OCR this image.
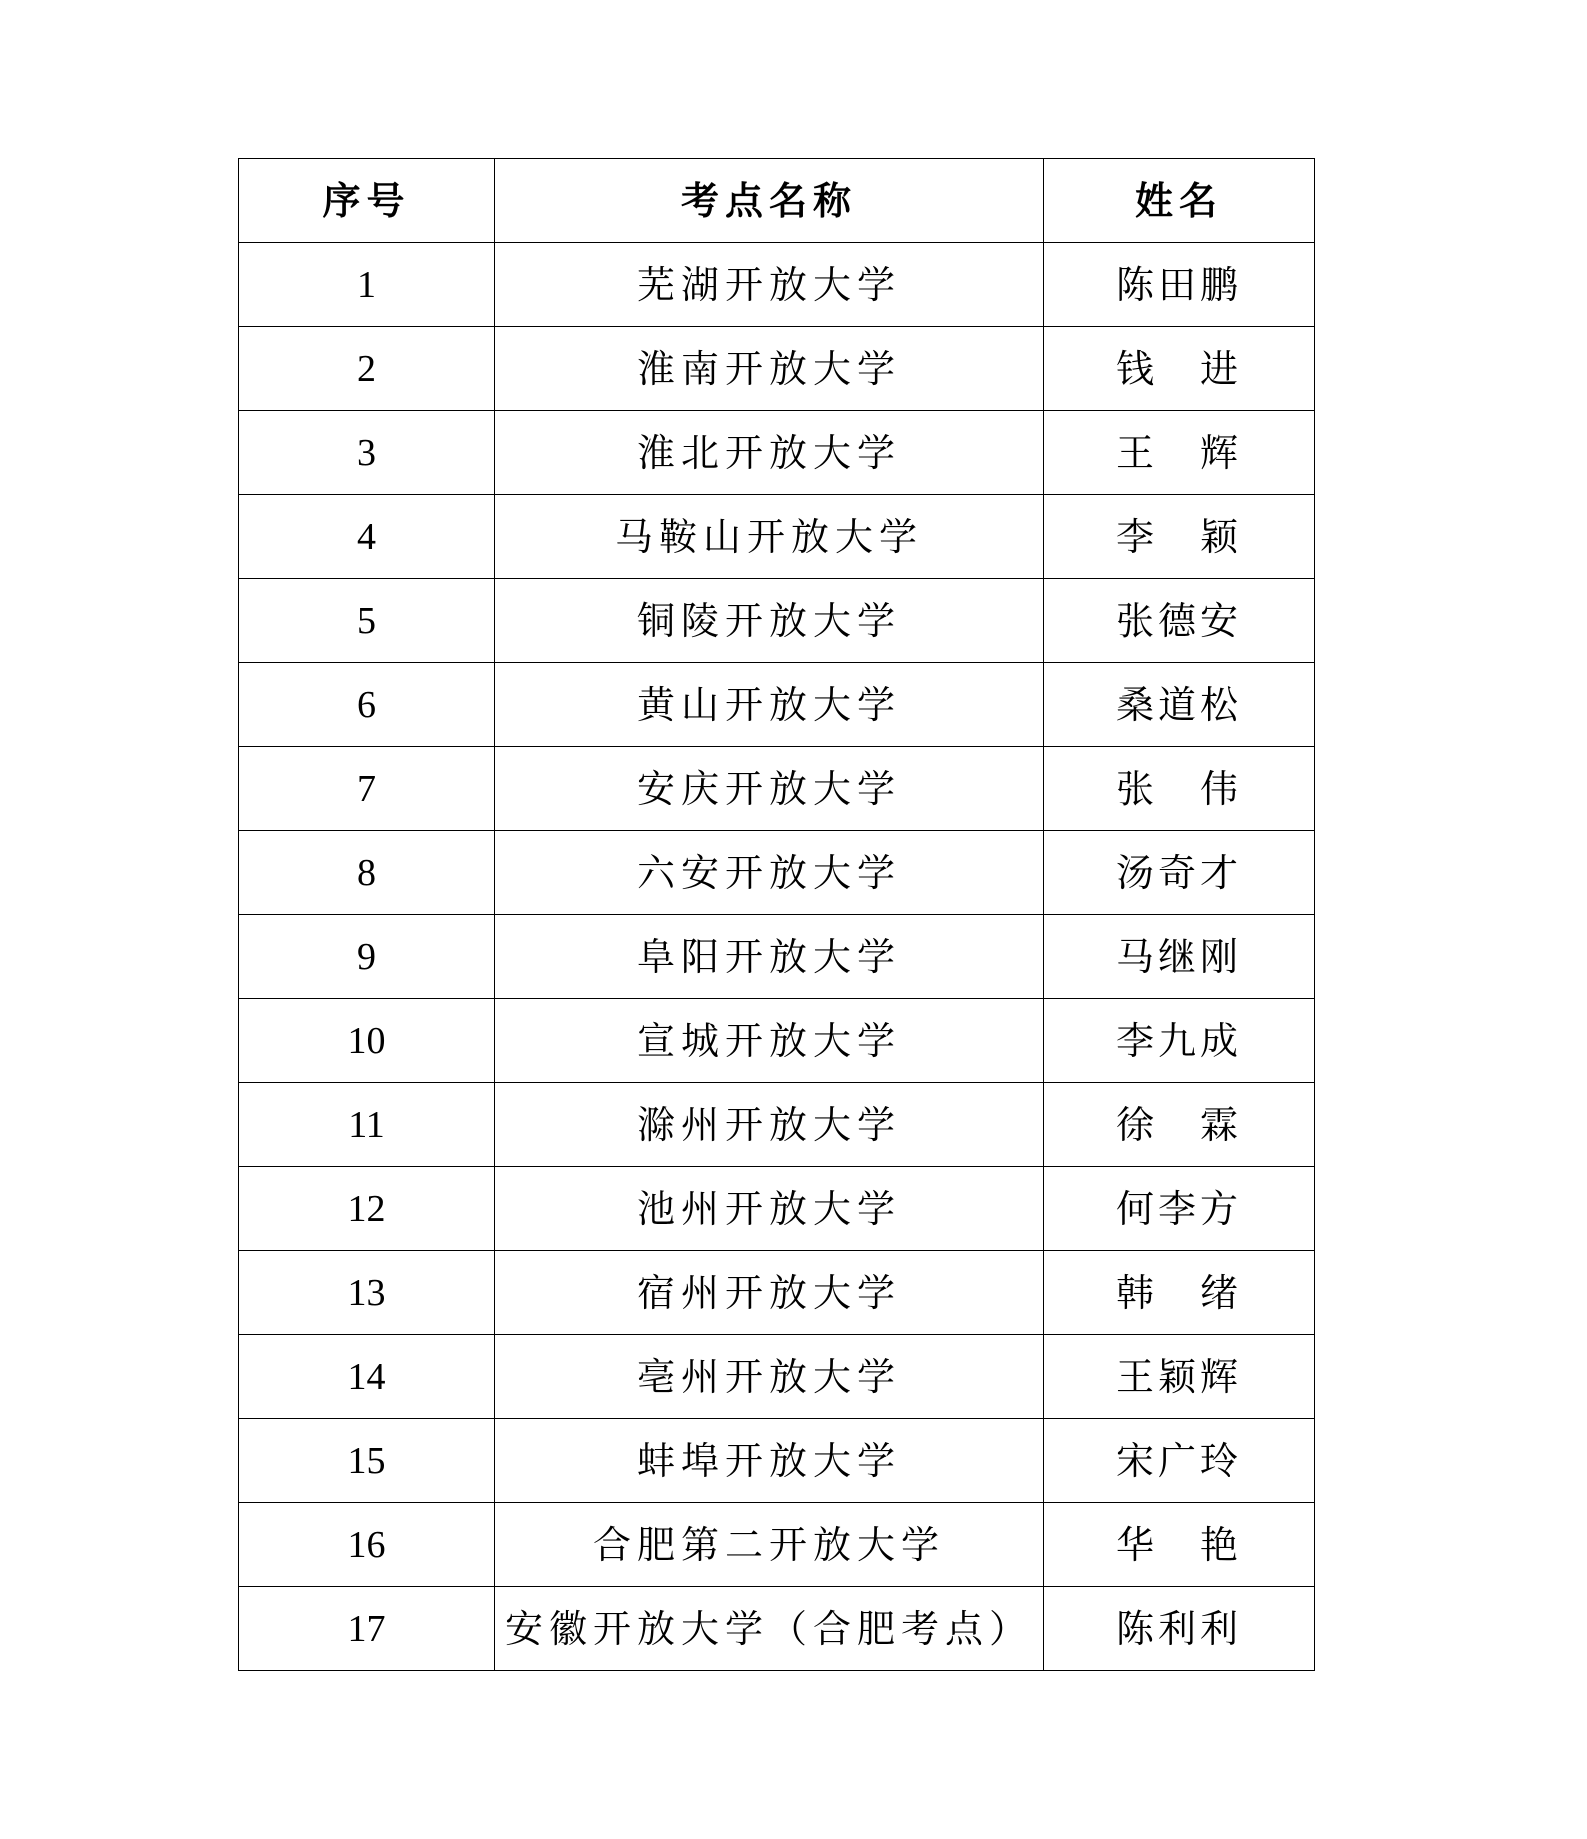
序号	考点名称	姓名
1	芜湖开放大学	陈田鹏
2	淮南开放大学	钱　进
3	淮北开放大学	王　辉
4	马鞍山开放大学	李　颖
5	铜陵开放大学	张德安
6	黄山开放大学	桑道松
7	安庆开放大学	张　伟
8	六安开放大学	汤奇才
9	阜阳开放大学	马继刚
10	宣城开放大学	李九成
11	滁州开放大学	徐　霖
12	池州开放大学	何李方
13	宿州开放大学	韩　绪
14	亳州开放大学	王颖辉
15	蚌埠开放大学	宋广玲
16	合肥第二开放大学	华　艳
17	安徽开放大学（合肥考点）	陈利利
